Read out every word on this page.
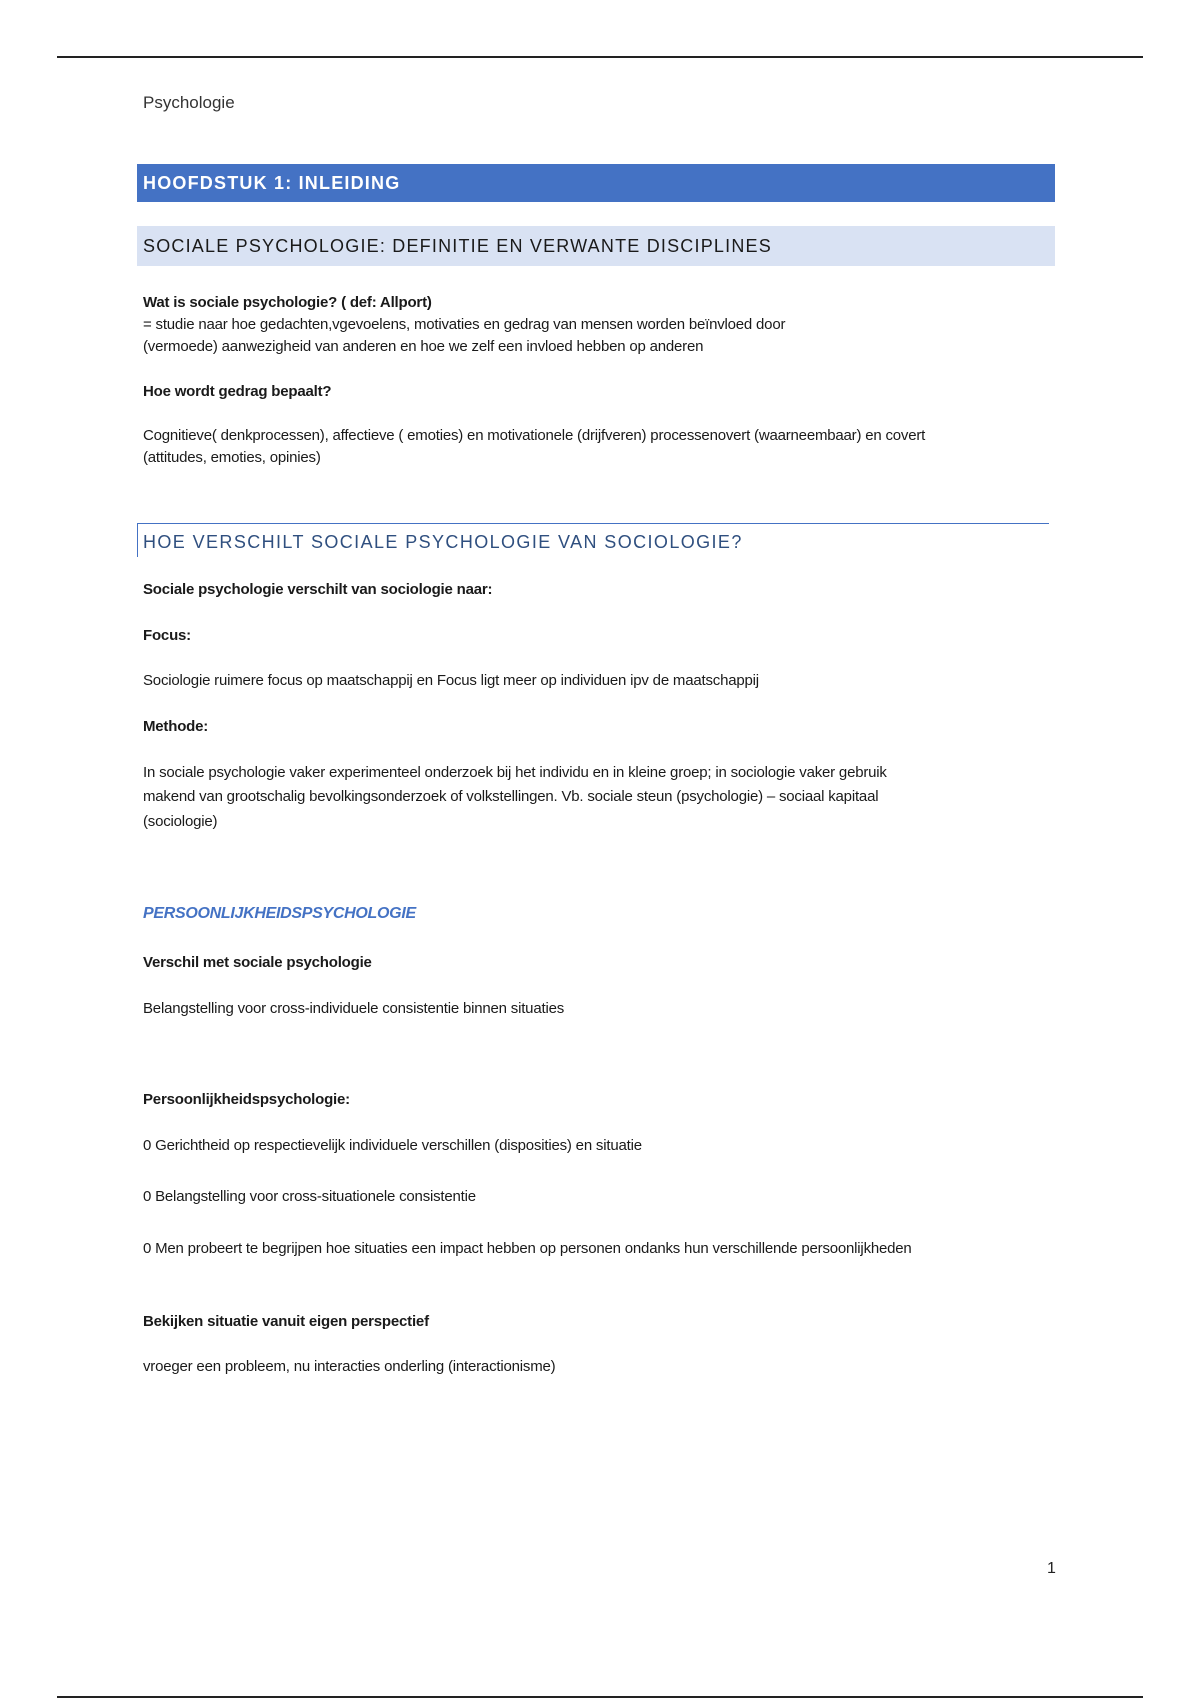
Psychologie
HOOFDSTUK 1: INLEIDING
SOCIALE PSYCHOLOGIE: DEFINITIE EN VERWANTE DISCIPLINES
Wat is sociale psychologie? ( def: Allport)
= studie naar hoe gedachten,vgevoelens, motivaties en gedrag van mensen worden beïnvloed door
(vermoede) aanwezigheid van anderen en hoe we zelf een invloed hebben op anderen
Hoe wordt gedrag bepaalt?
Cognitieve( denkprocessen), affectieve ( emoties) en motivationele (drijfveren) processenovert (waarneembaar) en covert
(attitudes, emoties, opinies)
HOE VERSCHILT SOCIALE PSYCHOLOGIE VAN SOCIOLOGIE?
Sociale psychologie verschilt van sociologie naar:
Focus:
Sociologie ruimere focus op maatschappij en Focus ligt meer op individuen ipv de maatschappij
Methode:
In sociale psychologie vaker experimenteel onderzoek bij het individu en in kleine groep; in sociologie vaker gebruik
makend van grootschalig bevolkingsonderzoek of volkstellingen. Vb. sociale steun (psychologie) – sociaal kapitaal
(sociologie)
PERSOONLIJKHEIDSPSYCHOLOGIE
Verschil met sociale psychologie
Belangstelling voor cross-individuele consistentie binnen situaties
Persoonlijkheidspsychologie:
0 Gerichtheid op respectievelijk individuele verschillen (disposities) en situatie
0 Belangstelling voor cross-situationele consistentie
0 Men probeert te begrijpen hoe situaties een impact hebben op personen ondanks hun verschillende persoonlijkheden
Bekijken situatie vanuit eigen perspectief
vroeger een probleem, nu interacties onderling (interactionisme)
1
